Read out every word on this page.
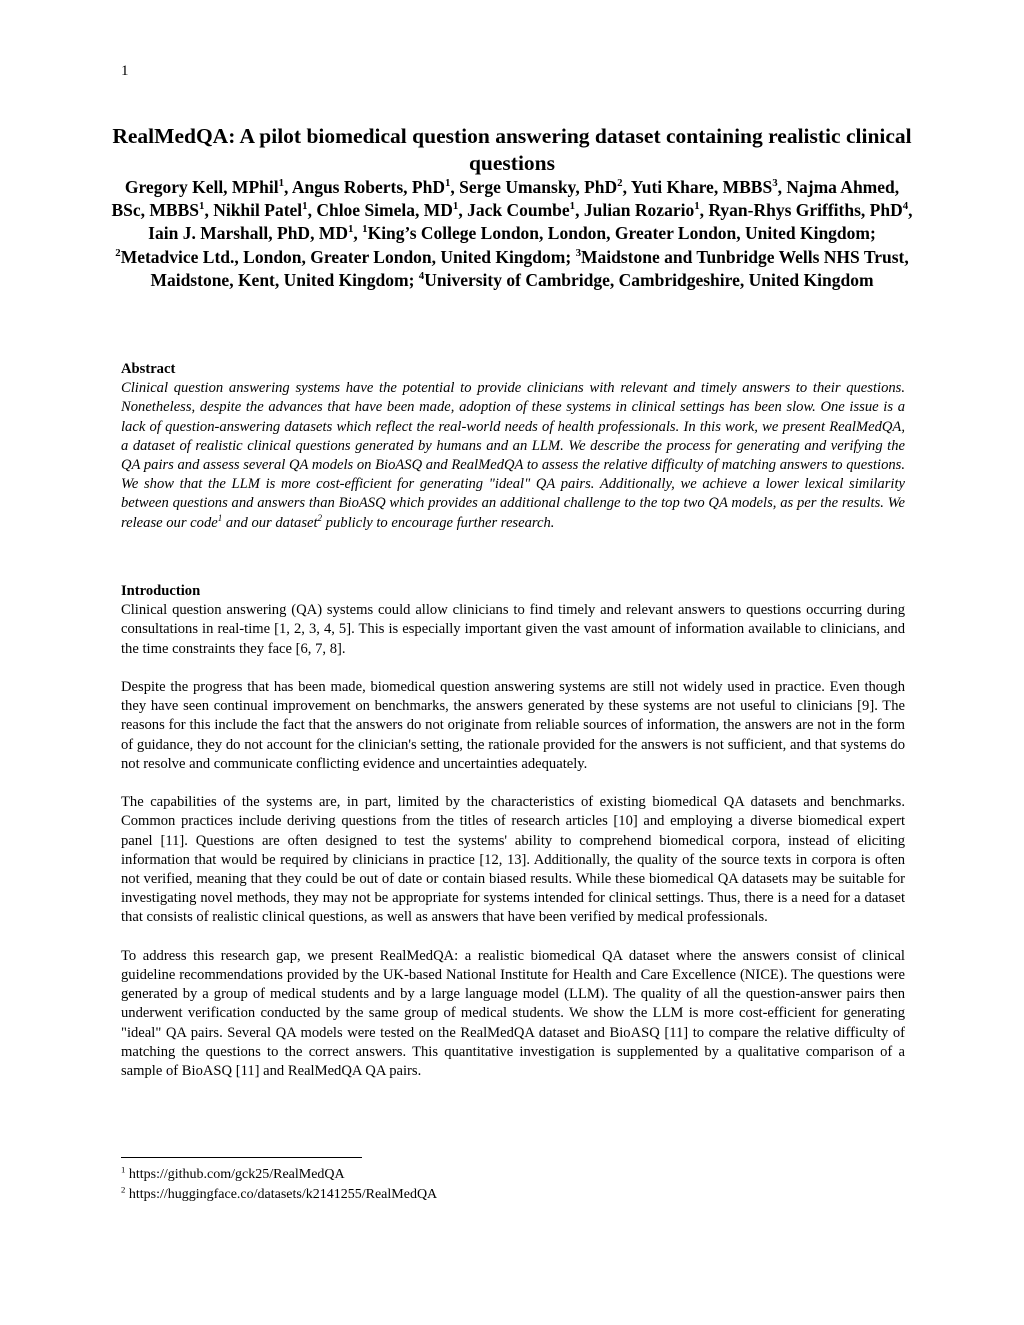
1
RealMedQA: A pilot biomedical question answering dataset containing realistic clinical questions
Gregory Kell, MPhil$^1$, Angus Roberts, PhD$^1$, Serge Umansky, PhD$^2$, Yuti Khare, MBBS$^3$, Najma Ahmed, BSc, MBBS$^1$, Nikhil Patel$^1$, Chloe Simela, $MD^1$, Jack Coumbe$^1$, Julian Rozario$^1$, Ryan-Rhys Griffiths, PhD$^4$, Iain J. Marshall, PhD, $MD^1$, $^1$King’s College London, London, Greater London, United Kingdom; $^2$Metadvice Ltd., London, Greater London, United Kingdom; $^3$Maidstone and Tunbridge Wells NHS Trust, Maidstone, Kent, United Kingdom; $^4$University of Cambridge, Cambridgeshire, United Kingdom
Abstract

Clinical question answering systems have the potential to provide clinicians with relevant and timely answers to their questions. Nonetheless, despite the advances that have been made, adoption of these systems in clinical settings has been slow. One issue is a lack of question-answering datasets which reflect the real-world needs of health professionals. In this work, we present RealMedQA, a dataset of realistic clinical questions generated by humans and an LLM. We describe the process for generating and verifying the QA pairs and assess several QA models on BioASQ and RealMedQA to assess the relative difficulty of matching answers to questions. We show that the LLM is more cost-efficient for generating "ideal" QA pairs. Additionally, we achieve a lower lexical similarity between questions and answers than BioASQ which provides an additional challenge to the top two QA models, as per the results. We release our code$^1$ and our dataset$^2$ publicly to encourage further research.

Introduction

Clinical question answering (QA) systems could allow clinicians to find timely and relevant answers to questions occurring during consultations in real-time [1, 2, 3, 4, 5]. This is especially important given the vast amount of information available to clinicians, and the time constraints they face [6, 7, 8].

Despite the progress that has been made, biomedical question answering systems are still not widely used in practice. Even though they have seen continual improvement on benchmarks, the answers generated by these systems are not useful to clinicians [9]. The reasons for this include the fact that the answers do not originate from reliable sources of information, the answers are not in the form of guidance, they do not account for the clinician's setting, the rationale provided for the answers is not sufficient, and that systems do not resolve and communicate conflicting evidence and uncertainties adequately.

The capabilities of the systems are, in part, limited by the characteristics of existing biomedical QA datasets and benchmarks. Common practices include deriving questions from the titles of research articles [10] and employing a diverse biomedical expert panel [11]. Questions are often designed to test the systems' ability to comprehend biomedical corpora, instead of eliciting information that would be required by clinicians in practice [12, 13]. Additionally, the quality of the source texts in corpora is often not verified, meaning that they could be out of date or contain biased results. While these biomedical QA datasets may be suitable for investigating novel methods, they may not be appropriate for systems intended for clinical settings. Thus, there is a need for a dataset that consists of realistic clinical questions, as well as answers that have been verified by medical professionals.

To address this research gap, we present RealMedQA: a realistic biomedical QA dataset where the answers consist of clinical guideline recommendations provided by the UK-based National Institute for Health and Care Excellence (NICE). The questions were generated by a group of medical students and by a large language model (LLM). The quality of all the question-answer pairs then underwent verification conducted by the same group of medical students. We show the LLM is more cost-efficient for generating "ideal" QA pairs. Several QA models were tested on the RealMedQA dataset and BioASQ [11] to compare the relative difficulty of matching the questions to the correct answers. This quantitative investigation is supplemented by a qualitative comparison of a sample of BioASQ [11] and RealMedQA QA pairs.

$^1$ https://github.com/gck25/RealMedQA

$^2$ https://huggingface.co/datasets/k2141255/RealMedQA
